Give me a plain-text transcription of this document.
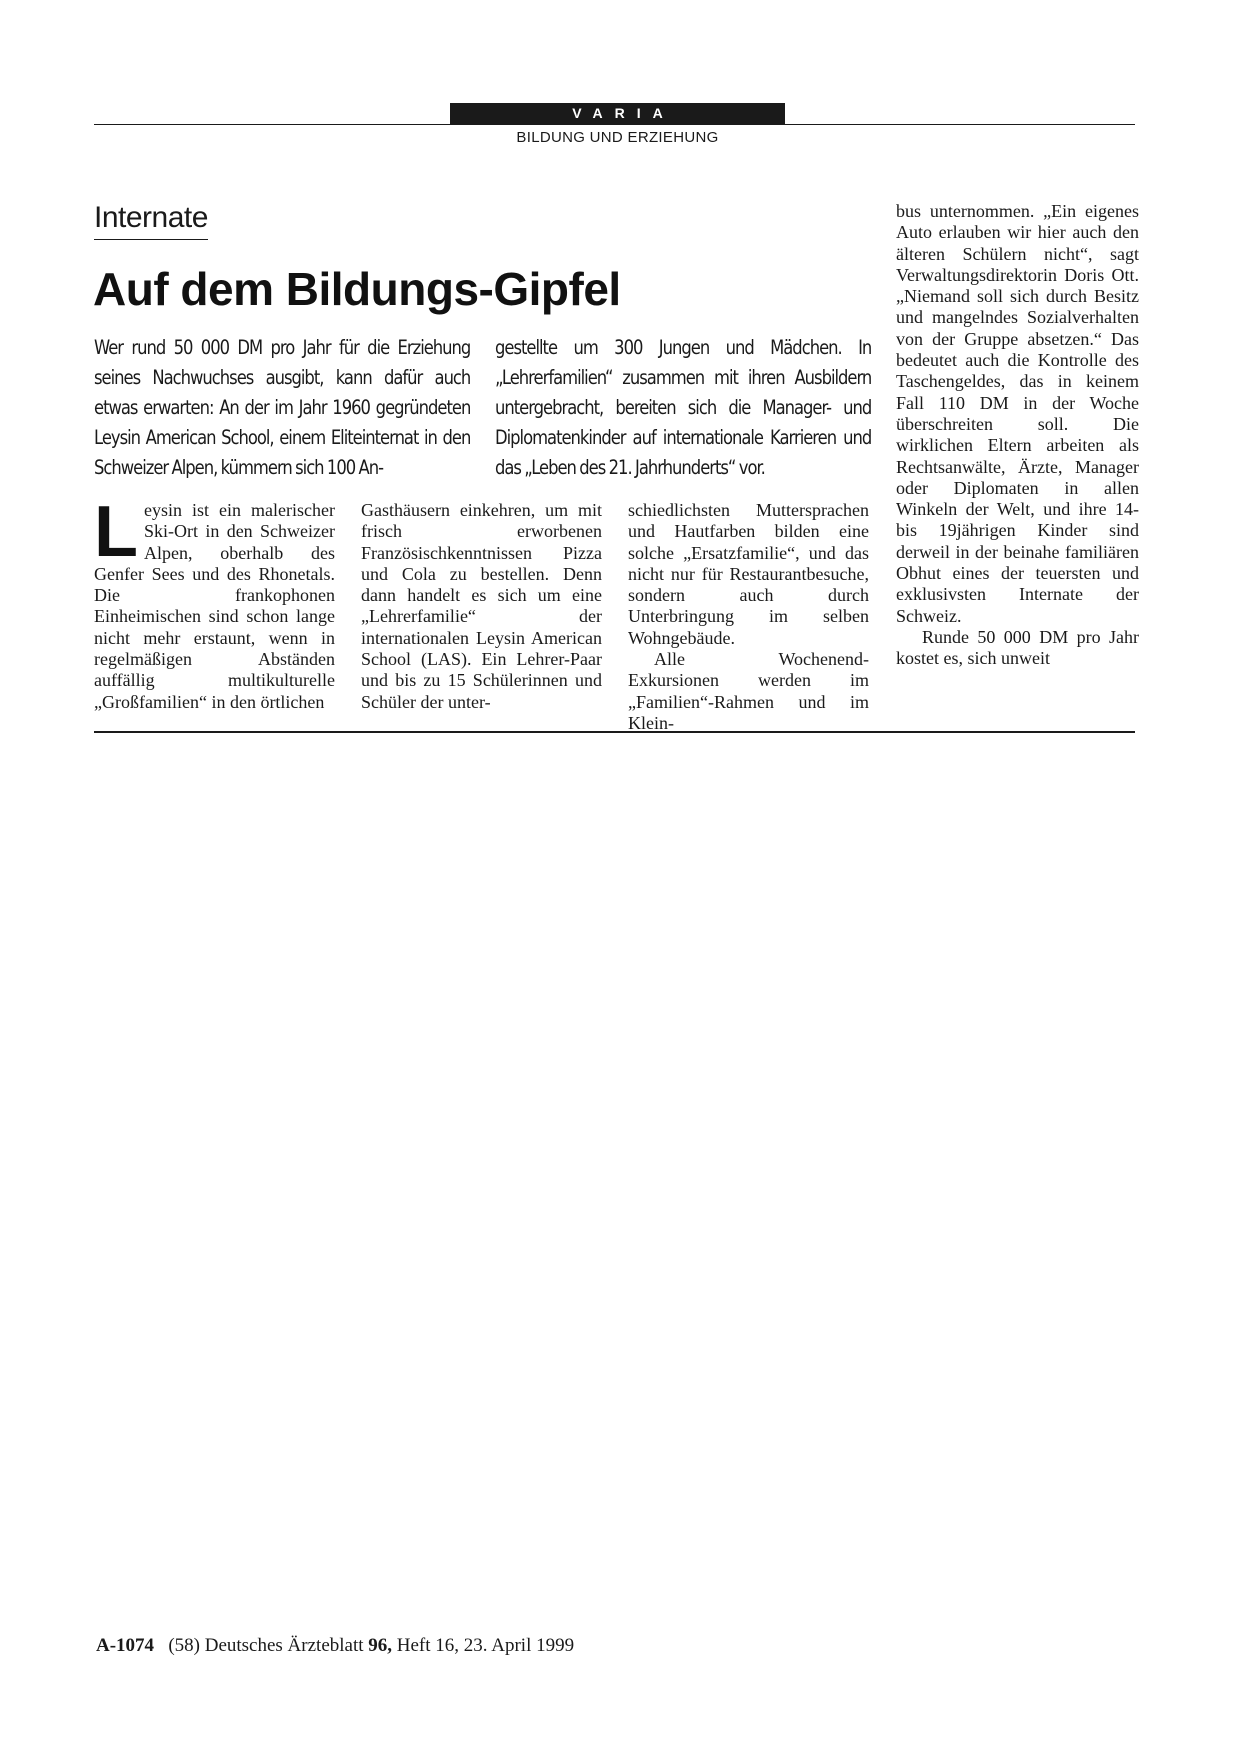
VARIA
BILDUNG UND ERZIEHUNG
Internate
Auf dem Bildungs-Gipfel

Wer rund 50 000 DM pro Jahr für die Erziehung seines Nachwuchses ausgibt, kann dafür auch etwas erwarten: An der im Jahr 1960 gegründeten Leysin American School, einem Eliteinternat in den Schweizer Alpen, kümmern sich 100 An-

gestellte um 300 Jungen und Mädchen. In „Lehrerfamilien“ zusammen mit ihren Ausbildern untergebracht, bereiten sich die Manager- und Diplomatenkinder auf internationale Karrieren und das „Leben des 21. Jahrhunderts“ vor.

Leysin ist ein malerischer Ski-Ort in den Schweizer Alpen, oberhalb des Genfer Sees und des Rhonetals. Die frankophonen Einheimischen sind schon lange nicht mehr erstaunt, wenn in regelmäßigen Abständen auffällig multikulturelle „Großfamilien“ in den örtlichen
Gasthäusern einkehren, um mit frisch erworbenen Französischkenntnissen Pizza und Cola zu bestellen. Denn dann handelt es sich um eine „Lehrerfamilie“ der internationalen Leysin American School (LAS). Ein Lehrer-Paar und bis zu 15 Schülerinnen und Schüler der unter-
schiedlichsten Muttersprachen und Hautfarben bilden eine solche „Ersatzfamilie“, und das nicht nur für Restaurantbesuche, sondern auch durch Unterbringung im selben Wohngebäude.
Alle Wochenend-Exkursionen werden im „Familien“-Rahmen und im Klein-
bus unternommen. „Ein eigenes Auto erlauben wir hier auch den älteren Schülern nicht“, sagt Verwaltungsdirektorin Doris Ott. „Niemand soll sich durch Besitz und mangelndes Sozialverhalten von der Gruppe absetzen.“ Das bedeutet auch die Kontrolle des Taschengeldes, das in keinem Fall 110 DM in der Woche überschreiten soll. Die wirklichen Eltern arbeiten als Rechtsanwälte, Ärzte, Manager oder Diplomaten in allen Winkeln der Welt, und ihre 14- bis 19jährigen Kinder sind derweil in der beinahe familiären Obhut eines der teuersten und exklusivsten Internate der Schweiz.
Runde 50 000 DM pro Jahr kostet es, sich unweit
A-1074 (58) Deutsches Ärzteblatt 96, Heft 16, 23. April 1999
